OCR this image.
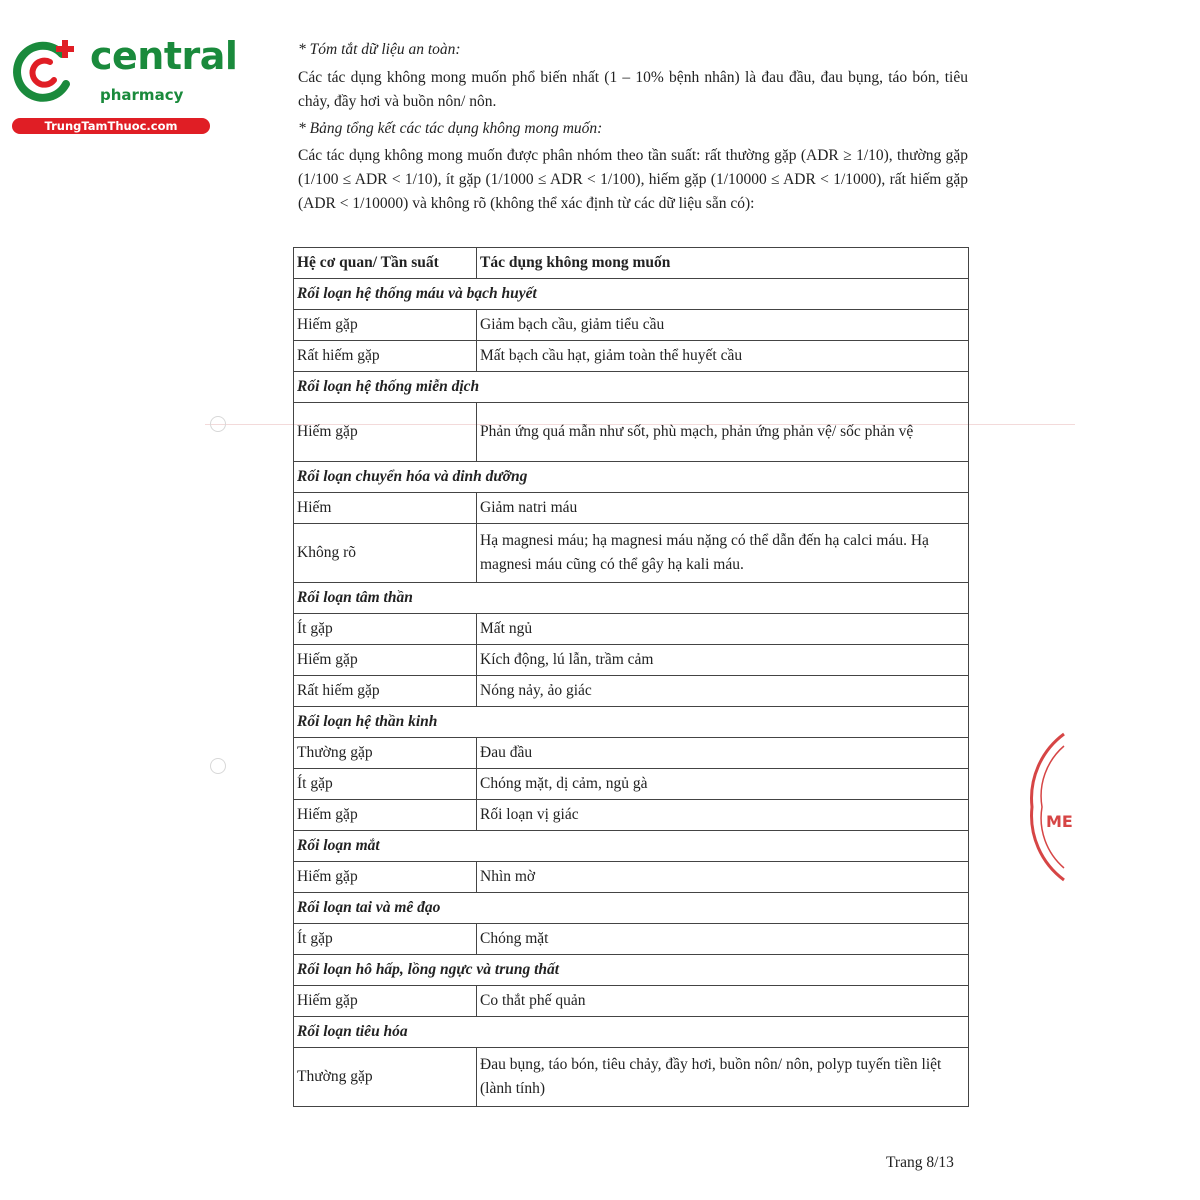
central
pharmacy
TrungTamThuoc.com
ME
* Tóm tắt dữ liệu an toàn:
Các tác dụng không mong muốn phổ biến nhất (1 – 10% bệnh nhân) là đau đầu, đau bụng, táo bón, tiêu chảy, đầy hơi và buồn nôn/ nôn.
* Bảng tổng kết các tác dụng không mong muốn:
Các tác dụng không mong muốn được phân nhóm theo tần suất: rất thường gặp (ADR ≥ 1/10), thường gặp (1/100 ≤ ADR < 1/10), ít gặp (1/1000 ≤ ADR < 1/100), hiếm gặp (1/10000 ≤ ADR < 1/1000), rất hiếm gặp (ADR < 1/10000) và không rõ (không thể xác định từ các dữ liệu sẵn có):
Hệ cơ quan/ Tần suất	Tác dụng không mong muốn
Rối loạn hệ thống máu và bạch huyết	
Hiếm gặp	Giảm bạch cầu, giảm tiểu cầu
Rất hiếm gặp	Mất bạch cầu hạt, giảm toàn thể huyết cầu
Rối loạn hệ thống miễn dịch	
Hiếm gặp	Phản ứng quá mẫn như sốt, phù mạch, phản ứng phản vệ/ sốc phản vệ
Rối loạn chuyển hóa và dinh dưỡng	
Hiếm	Giảm natri máu
Không rõ	Hạ magnesi máu; hạ magnesi máu nặng có thể dẫn đến hạ calci máu. Hạ magnesi máu cũng có thể gây hạ kali máu.
Rối loạn tâm thần	
Ít gặp	Mất ngủ
Hiếm gặp	Kích động, lú lẫn, trầm cảm
Rất hiếm gặp	Nóng nảy, ảo giác
Rối loạn hệ thần kinh	
Thường gặp	Đau đầu
Ít gặp	Chóng mặt, dị cảm, ngủ gà
Hiếm gặp	Rối loạn vị giác
Rối loạn mắt	
Hiếm gặp	Nhìn mờ
Rối loạn tai và mê đạo	
Ít gặp	Chóng mặt
Rối loạn hô hấp, lồng ngực và trung thất	
Hiếm gặp	Co thắt phế quản
Rối loạn tiêu hóa	
Thường gặp	Đau bụng, táo bón, tiêu chảy, đầy hơi, buồn nôn/ nôn, polyp tuyến tiền liệt (lành tính)
Trang 8/13
